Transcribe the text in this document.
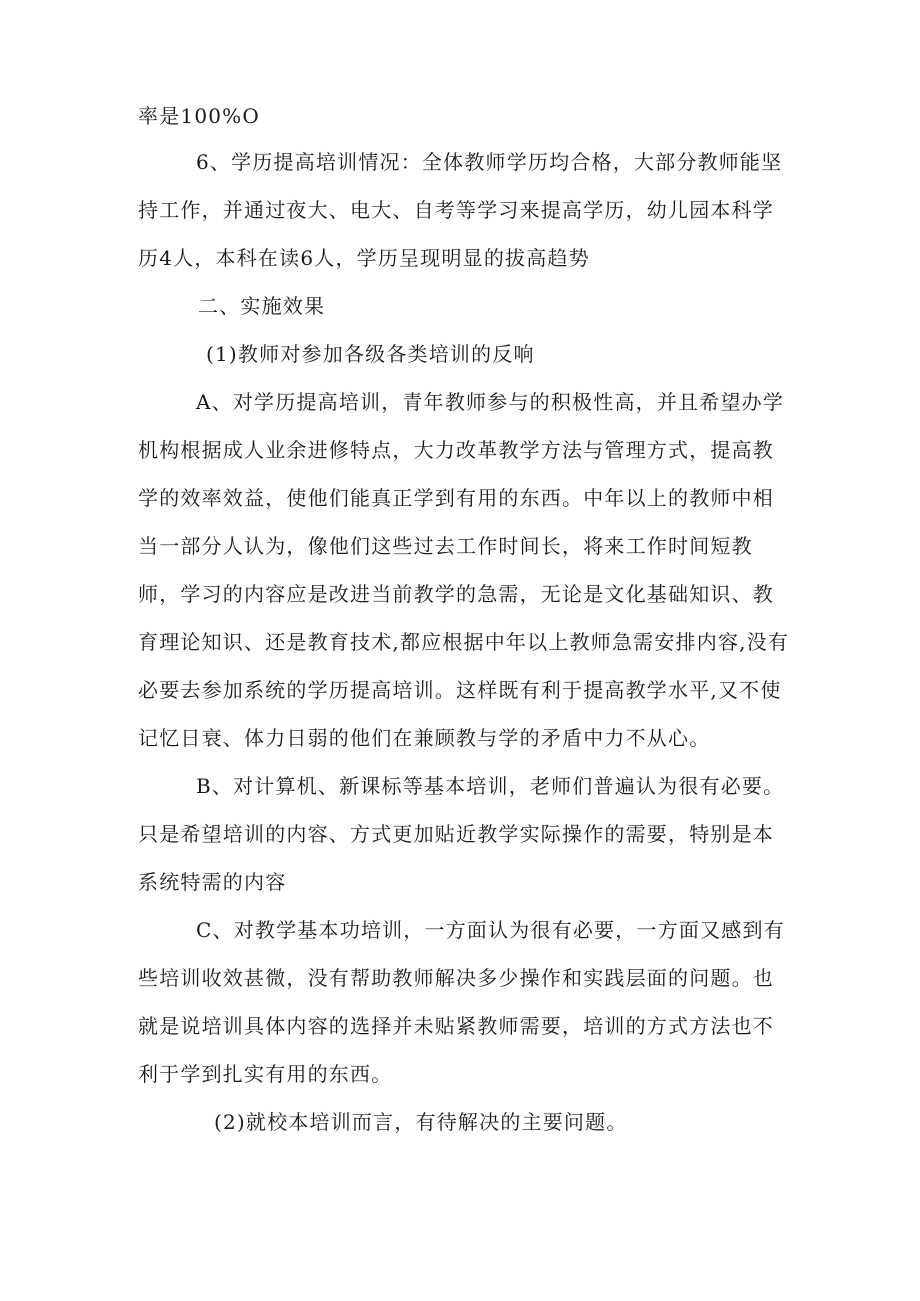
率是100%O

6、学历提高培训情况：全体教师学历均合格，大部分教师能坚持工作，并通过夜大、电大、自考等学习来提高学历，幼儿园本科学历4人，本科在读6人，学历呈现明显的拔高趋势

二、实施效果

(1)教师对参加各级各类培训的反响

A、对学历提高培训，青年教师参与的积极性高，并且希望办学机构根据成人业余进修特点，大力改革教学方法与管理方式，提高教学的效率效益，使他们能真正学到有用的东西。中年以上的教师中相当一部分人认为，像他们这些过去工作时间长，将来工作时间短教师，学习的内容应是改进当前教学的急需，无论是文化基础知识、教育理论知识、还是教育技术,都应根据中年以上教师急需安排内容,没有必要去参加系统的学历提高培训。这样既有利于提高教学水平,又不使记忆日衰、体力日弱的他们在兼顾教与学的矛盾中力不从心。

B、对计算机、新课标等基本培训，老师们普遍认为很有必要。只是希望培训的内容、方式更加贴近教学实际操作的需要，特别是本系统特需的内容

C、对教学基本功培训，一方面认为很有必要，一方面又感到有些培训收效甚微，没有帮助教师解决多少操作和实践层面的问题。也就是说培训具体内容的选择并未贴紧教师需要，培训的方式方法也不利于学到扎实有用的东西。

(2)就校本培训而言，有待解决的主要问题。
